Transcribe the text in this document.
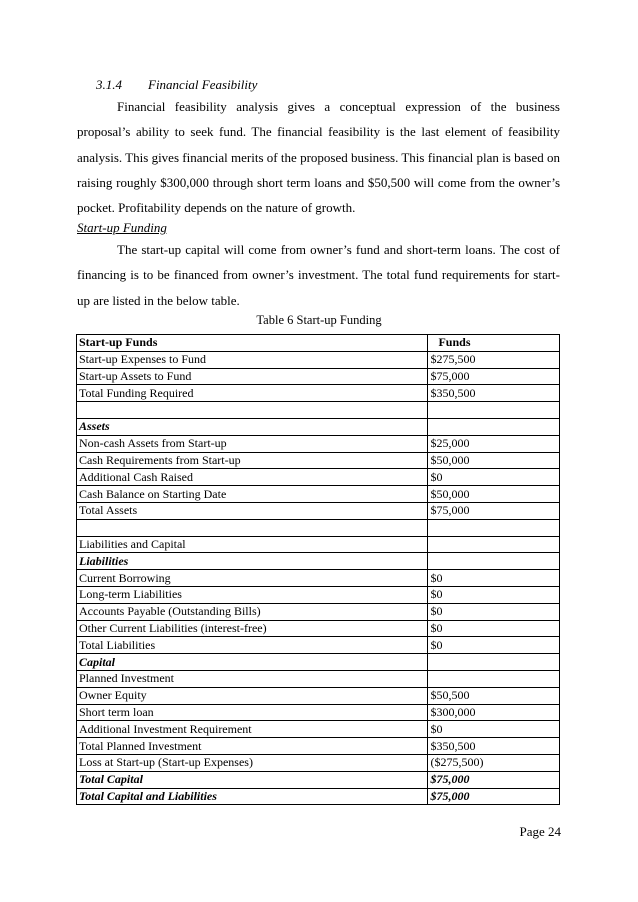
3.1.4 Financial Feasibility
Financial feasibility analysis gives a conceptual expression of the business proposal’s ability to seek fund. The financial feasibility is the last element of feasibility analysis. This gives financial merits of the proposed business. This financial plan is based on raising roughly $300,000 through short term loans and $50,500 will come from the owner’s pocket. Profitability depends on the nature of growth.
Start-up Funding
The start-up capital will come from owner’s fund and short-term loans. The cost of financing is to be financed from owner’s investment. The total fund requirements for start-up are listed in the below table.
Table 6 Start-up Funding
Start-up Funds	Funds
Start-up Expenses to Fund	$275,500
Start-up Assets to Fund	$75,000
Total Funding Required	$350,500

Assets	
Non-cash Assets from Start-up	$25,000
Cash Requirements from Start-up	$50,000
Additional Cash Raised	$0
Cash Balance on Starting Date	$50,000
Total Assets	$75,000

Liabilities and Capital	
Liabilities	
Current Borrowing	$0
Long-term Liabilities	$0
Accounts Payable (Outstanding Bills)	$0
Other Current Liabilities (interest-free)	$0
Total Liabilities	$0
Capital	
Planned Investment	
Owner Equity	$50,500
Short term loan	$300,000
Additional Investment Requirement	$0
Total Planned Investment	$350,500
Loss at Start-up (Start-up Expenses)	($275,500)
Total Capital	$75,000
Total Capital and Liabilities	$75,000
Page 24
